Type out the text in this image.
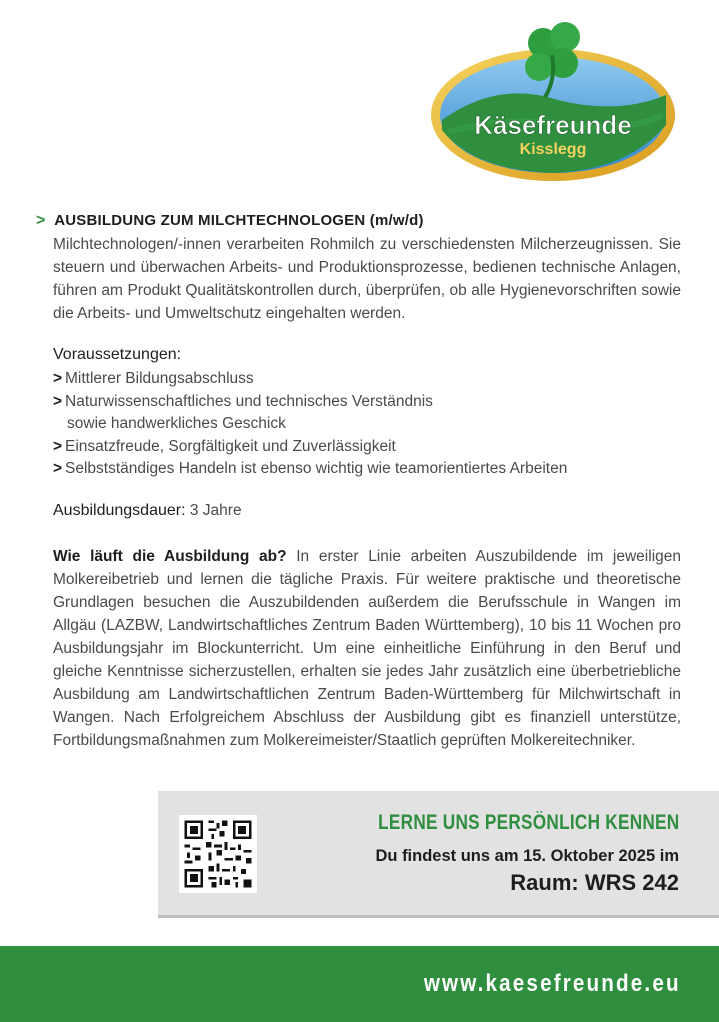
Käsefreunde
Kisslegg
> AUSBILDUNG ZUM MILCHTECHNOLOGEN (m/w/d)

Milchtechnologen/-innen verarbeiten Rohmilch zu verschiedensten Milcherzeugnissen. Sie steuern und überwachen Arbeits- und Produktionsprozesse, bedienen technische Anlagen, führen am Produkt Qualitätskontrollen durch, überprüfen, ob alle Hygienevorschriften sowie die Arbeits- und Umweltschutz eingehalten werden.

Voraussetzungen:
> Mittlerer Bildungsabschluss
> Naturwissenschaftliches und technisches Verständnis
sowie handwerkliches Geschick
> Einsatzfreude, Sorgfältigkeit und Zuverlässigkeit
> Selbstständiges Handeln ist ebenso wichtig wie teamorientiertes Arbeiten
Ausbildungsdauer: 3 Jahre

Wie läuft die Ausbildung ab? In erster Linie arbeiten Auszubildende im jeweiligen Molkereibetrieb und lernen die tägliche Praxis. Für weitere praktische und theoretische Grundlagen besuchen die Auszubildenden außerdem die Berufsschule in Wangen im Allgäu (LAZBW, Landwirtschaftliches Zentrum Baden Württemberg), 10 bis 11 Wochen pro Ausbildungsjahr im Blockunterricht. Um eine einheitliche Einführung in den Beruf und gleiche Kenntnisse sicherzustellen, erhalten sie jedes Jahr zusätzlich eine überbetriebliche Ausbildung am Landwirtschaftlichen Zentrum Baden-Württemberg für Milchwirtschaft in Wangen. Nach Erfolgreichem Abschluss der Ausbildung gibt es finanziell unterstütze, Fortbildungsmaßnahmen zum Molkereimeister/Staatlich geprüften Molkereitechniker.

LERNE UNS PERSÖNLICH KENNEN
Du findest uns am 15. Oktober 2025 im
Raum: WRS 242
www.kaesefreunde.eu
